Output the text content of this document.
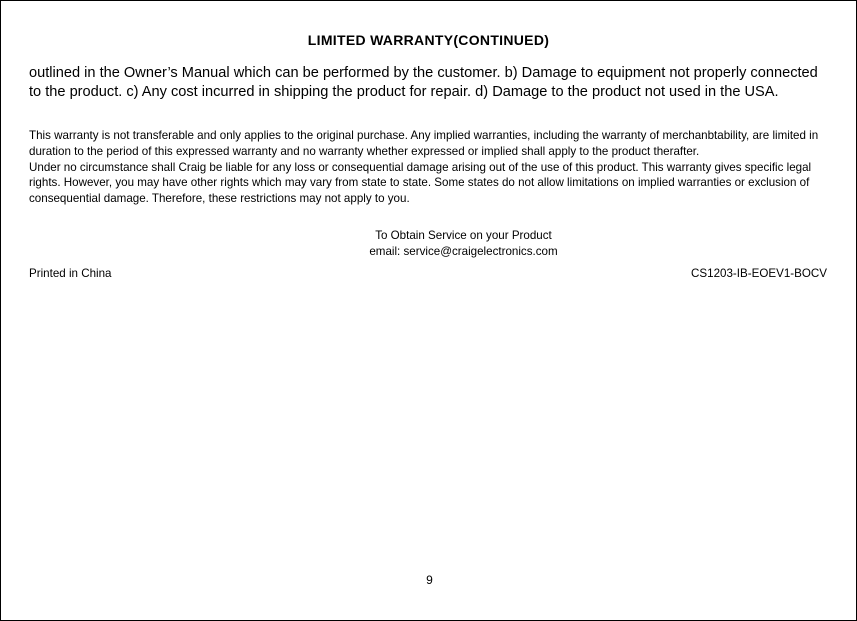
LIMITED WARRANTY(CONTINUED)

outlined in the Owner’s Manual which can be performed by the customer. b) Damage to equipment not properly connected to the product. c) Any cost incurred in shipping the product for repair. d) Damage to the product not used in the USA.

This warranty is not transferable and only applies to the original purchase. Any implied warranties, including the warranty of merchanbtability, are limited in duration to the period of this expressed warranty and no warranty whether expressed or implied shall apply to the product therafter.

Under no circumstance shall Craig be liable for any loss or consequential damage arising out of the use of this product. This warranty gives specific legal rights. However, you may have other rights which may vary from state to state. Some states do not allow limitations on implied warranties or exclusion of consequential damage. Therefore, these restrictions may not apply to you.

To Obtain Service on your Product
email: service@craigelectronics.com
Printed in China	CS1203-IB-EOEV1-BOCV
9
